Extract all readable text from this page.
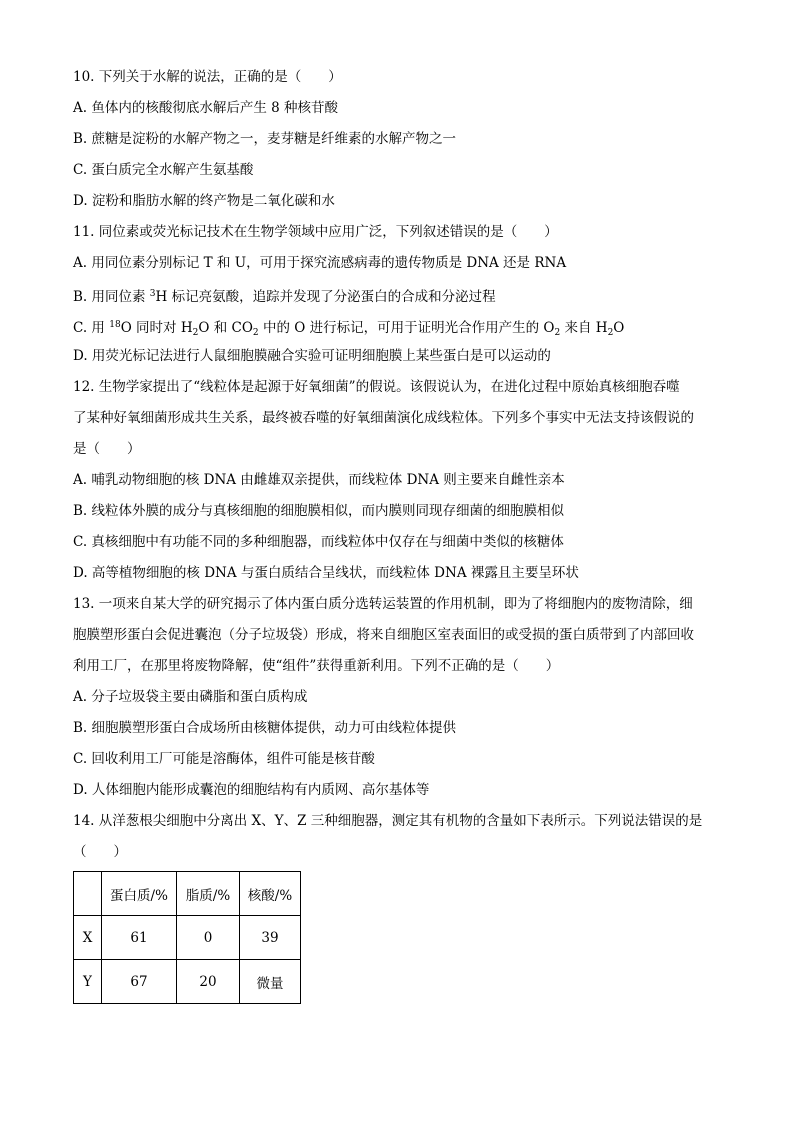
10. 下列关于水解的说法，正确的是（　　）
A. 鱼体内的核酸彻底水解后产生 8 种核苷酸
B. 蔗糖是淀粉的水解产物之一，麦芽糖是纤维素的水解产物之一
C. 蛋白质完全水解产生氨基酸
D. 淀粉和脂肪水解的终产物是二氧化碳和水
11. 同位素或荧光标记技术在生物学领域中应用广泛，下列叙述错误的是（　　）
A. 用同位素分别标记 T 和 U，可用于探究流感病毒的遗传物质是 DNA 还是 RNA
B. 用同位素 $^3$H 标记亮氨酸，追踪并发现了分泌蛋白的合成和分泌过程
C. 用 $^{18}$O 同时对 $H_2O$ 和 $CO_2$ 中的 O 进行标记，可用于证明光合作用产生的 $O_2$ 来自 $H_2O$
D. 用荧光标记法进行人鼠细胞膜融合实验可证明细胞膜上某些蛋白是可以运动的
12. 生物学家提出了“线粒体是起源于好氧细菌”的假说。该假说认为，在进化过程中原始真核细胞吞噬
了某种好氧细菌形成共生关系，最终被吞噬的好氧细菌演化成线粒体。下列多个事实中无法支持该假说的
是（　　）
A. 哺乳动物细胞的核 DNA 由雌雄双亲提供，而线粒体 DNA 则主要来自雌性亲本
B. 线粒体外膜的成分与真核细胞的细胞膜相似，而内膜则同现存细菌的细胞膜相似
C. 真核细胞中有功能不同的多种细胞器，而线粒体中仅存在与细菌中类似的核糖体
D. 高等植物细胞的核 DNA 与蛋白质结合呈线状，而线粒体 DNA 裸露且主要呈环状
13. 一项来自某大学的研究揭示了体内蛋白质分选转运装置的作用机制，即为了将细胞内的废物清除，细
胞膜塑形蛋白会促进囊泡（分子垃圾袋）形成，将来自细胞区室表面旧的或受损的蛋白质带到了内部回收
利用工厂，在那里将废物降解，使“组件”获得重新利用。下列不正确的是（　　）
A. 分子垃圾袋主要由磷脂和蛋白质构成
B. 细胞膜塑形蛋白合成场所由核糖体提供，动力可由线粒体提供
C. 回收利用工厂可能是溶酶体，组件可能是核苷酸
D. 人体细胞内能形成囊泡的细胞结构有内质网、高尔基体等
14. 从洋葱根尖细胞中分离出 X、Y、Z 三种细胞器，测定其有机物的含量如下表所示。下列说法错误的是
（　　）
	蛋白质/%	脂质/%	核酸/%
X	61	0	39
Y	67	20	微量
